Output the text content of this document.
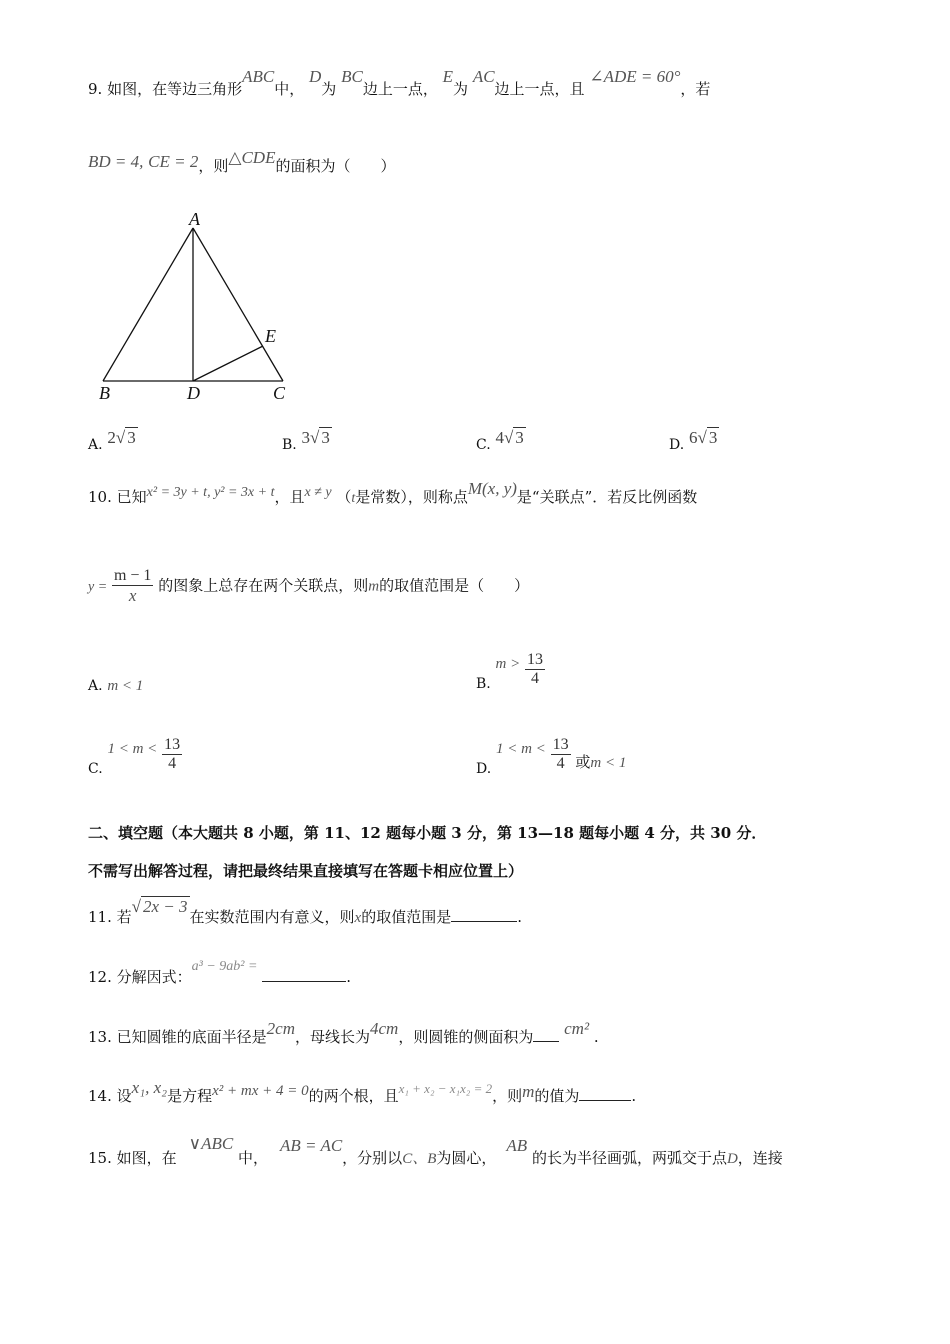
9. 如图，在等边三角形ABC中， D为 BC边上一点， E为 AC边上一点，且 ∠ADE = 60°，若
BD = 4, CE = 2，则△CDE的面积为（　　）
A
B	C
D
E
A. 2√ 3	B. 3√ 3	C. 4√ 3	D. 6√ 3
10. 已知x² = 3y + t, y² = 3x + t，且x ≠ y （t是常数），则称点M(x, y)是“关联点”．若反比例函数
$y = \frac{m - 1}{x}$ 的图象上总存在两个关联点，则m的取值范围是（　　）
A. m < 1	B. $m > \frac{13}{4}$
C. $1 < m < \frac{13}{4}$	D. $1 < m < \frac{13}{4}$ 或m < 1
二、填空题（本大题共 8 小题，第 11、12 题每小题 3 分，第 13—18 题每小题 4 分，共 30 分．
不需写出解答过程，请把最终结果直接填写在答题卡相应位置上）
11. 若√ 2x − 3在实数范围内有意义，则x的取值范围是	.
12. 分解因式：a³ − 9ab² = .
13. 已知圆锥的底面半径是2cm，母线长为4cm，则圆锥的侧面积为 cm² .
14. 设x₁, x₂是方程x² + mx + 4 = 0的两个根，且x₁ + x₂ − x₁x₂ = 2，则m的值为	.
15. 如图，在∨ABC 中，AB = AC，分别以C、B为圆心，AB 的长为半径画弧，两弧交于点D，连接
